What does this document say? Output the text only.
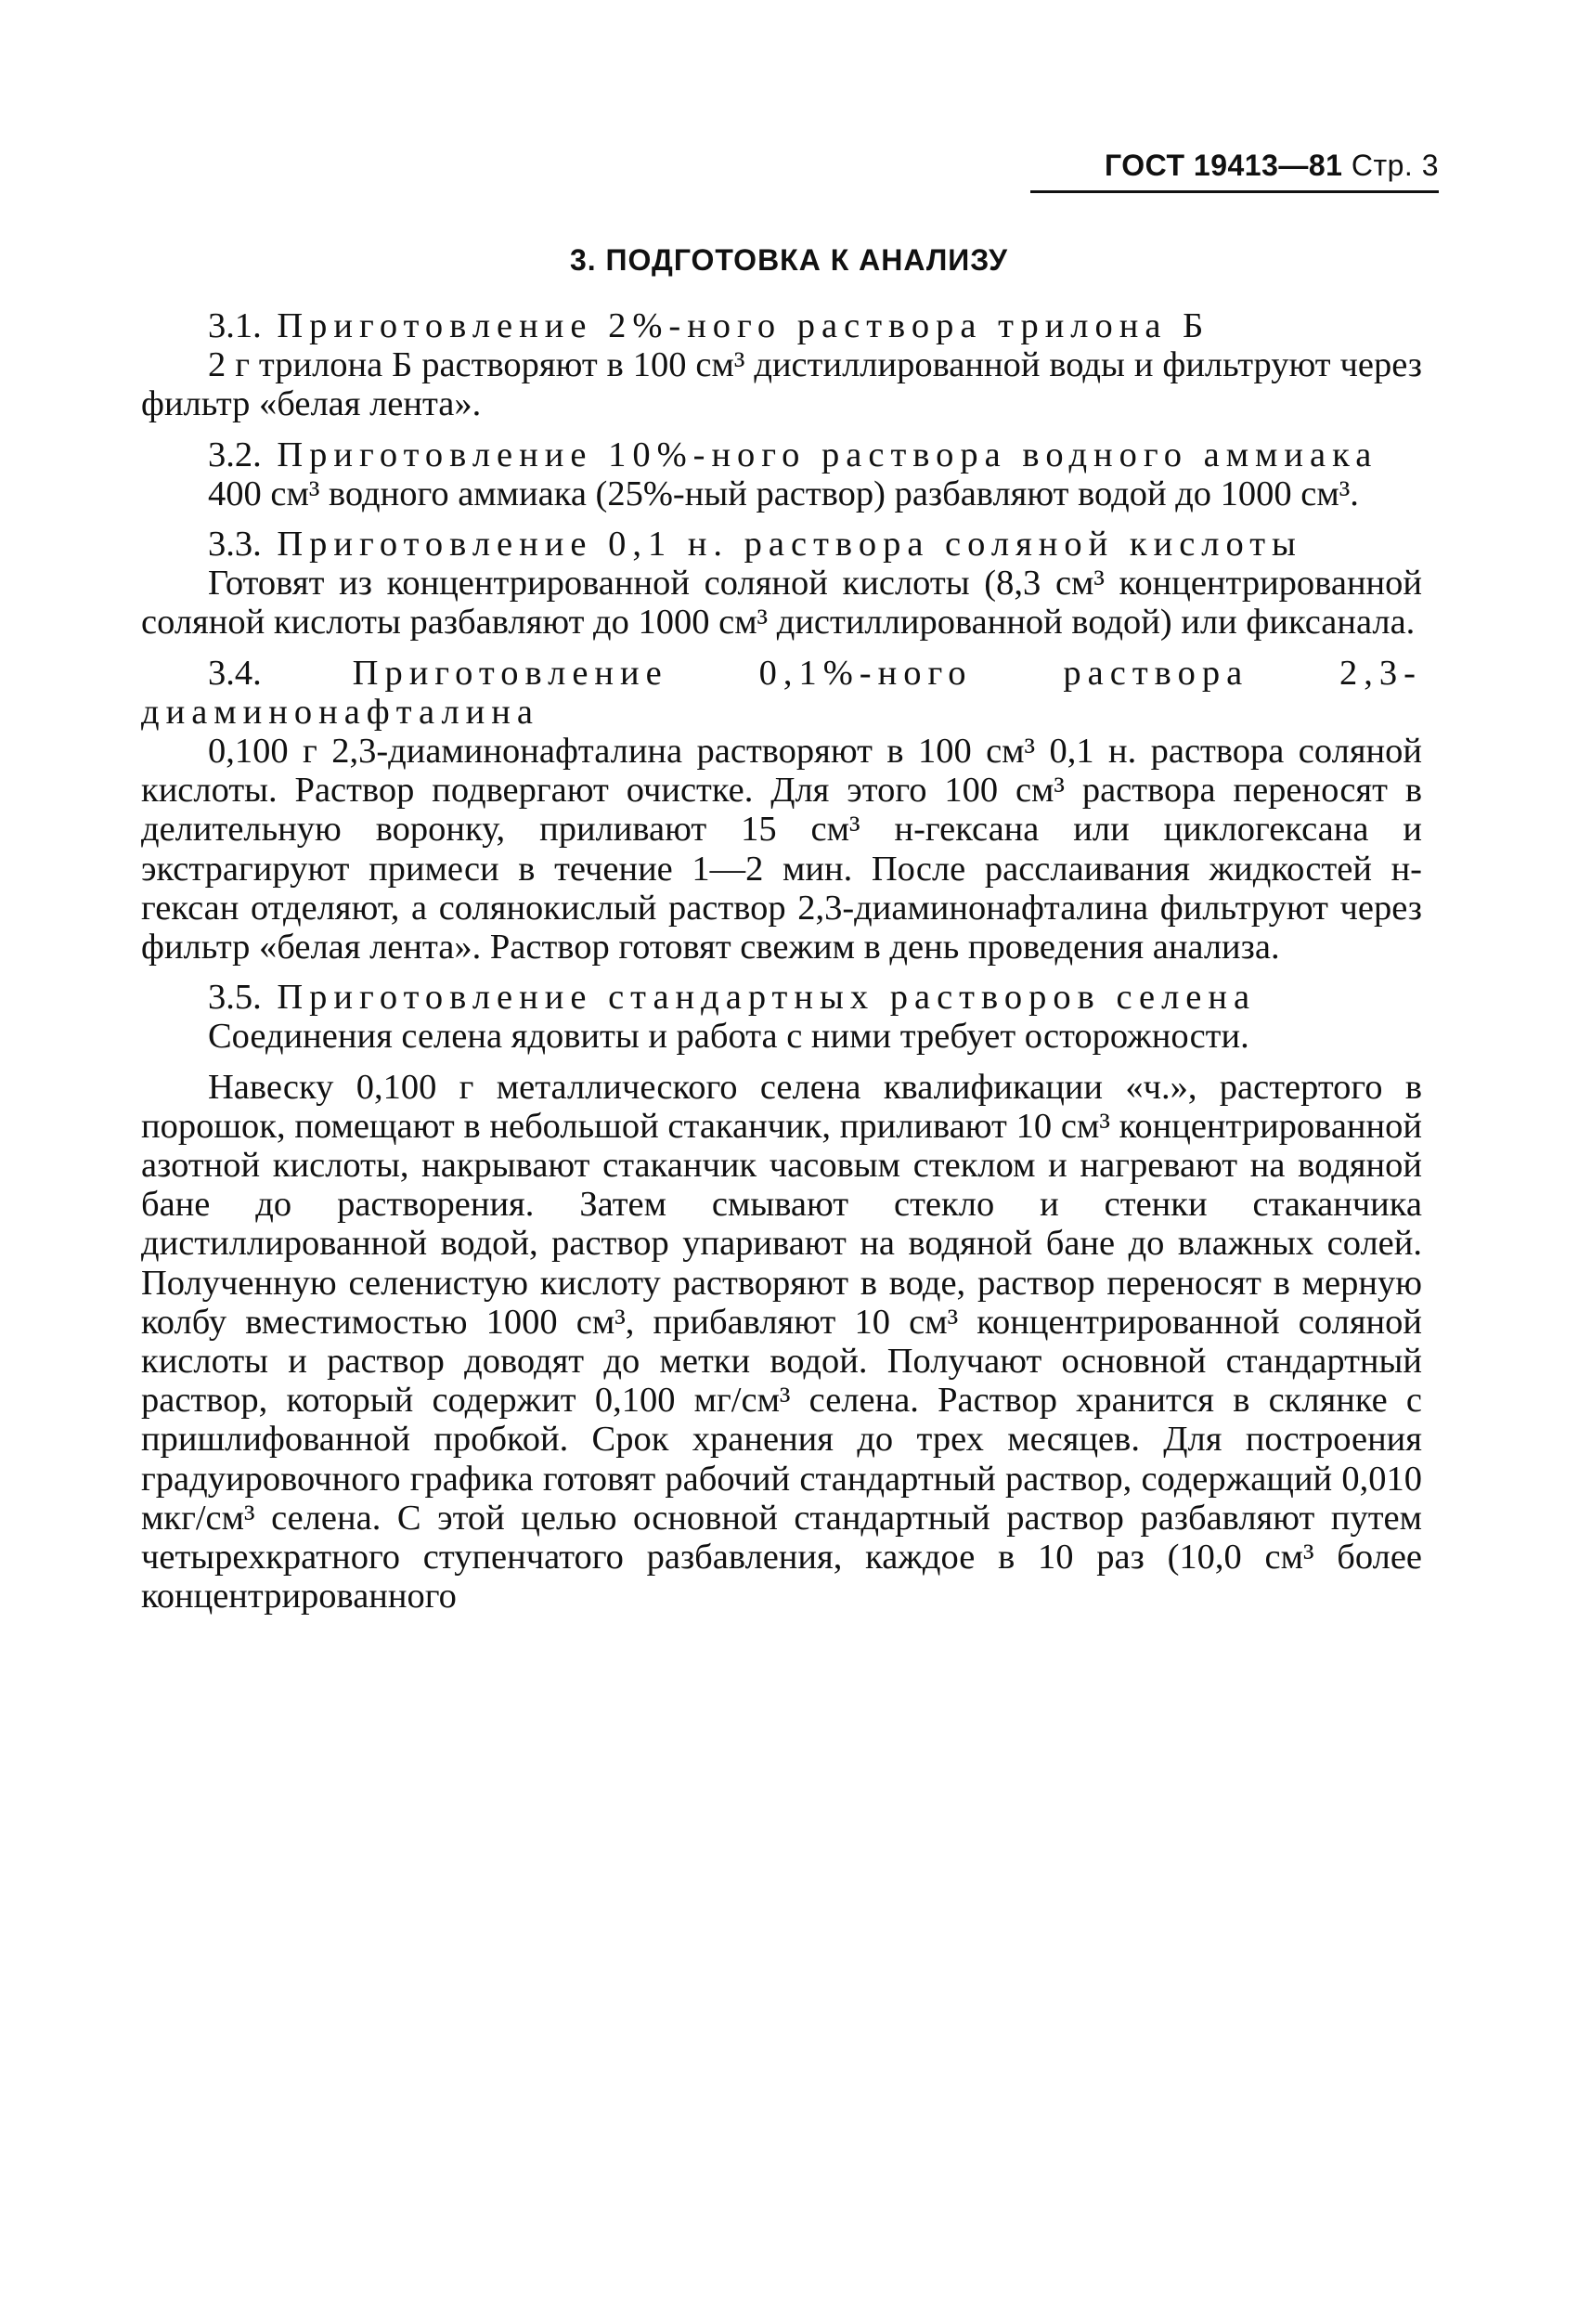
ГОСТ 19413—81 Стр. 3
3. ПОДГОТОВКА К АНАЛИЗУ

3.1. Приготовление 2%-ного раствора трилона Б

2 г трилона Б растворяют в 100 см³ дистиллированной воды и фильтруют через фильтр «белая лента».

3.2. Приготовление 10%-ного раствора водного аммиака

400 см³ водного аммиака (25%-ный раствор) разбавляют водой до 1000 см³.

3.3. Приготовление 0,1 н. раствора соляной кислоты

Готовят из концентрированной соляной кислоты (8,3 см³ концентрированной соляной кислоты разбавляют до 1000 см³ дистиллированной водой) или фиксанала.

3.4.	Приготовление 0,1%-ного раствора 2,3-диаминонафталина

0,100 г 2,3-диаминонафталина растворяют в 100 см³ 0,1 н. раствора соляной кислоты. Раствор подвергают очистке. Для этого 100 см³ раствора переносят в делительную воронку, приливают 15 см³ н-гексана или циклогексана и экстрагируют примеси в течение 1—2 мин. После расслаивания жидкостей н-гексан отделяют, а солянокислый раствор 2,3-диаминонафталина фильтруют через фильтр «белая лента». Раствор готовят свежим в день проведения анализа.

3.5. Приготовление стандартных растворов селена

Соединения селена ядовиты и работа с ними требует осторожности.

Навеску 0,100 г металлического селена квалификации «ч.», растертого в порошок, помещают в небольшой стаканчик, приливают 10 см³ концентрированной азотной кислоты, накрывают стаканчик часовым стеклом и нагревают на водяной бане до растворения. Затем смывают стекло и стенки стаканчика дистиллированной водой, раствор упаривают на водяной бане до влажных солей. Полученную селенистую кислоту растворяют в воде, раствор переносят в мерную колбу вместимостью 1000 см³, прибавляют 10 см³ концентрированной соляной кислоты и раствор доводят до метки водой. Получают основной стандартный раствор, который содержит 0,100 мг/см³ селена. Раствор хранится в склянке с пришлифованной пробкой. Срок хранения до трех месяцев. Для построения градуировочного графика готовят рабочий стандартный раствор, содержащий 0,010 мкг/см³ селена. С этой целью основной стандартный раствор разбавляют путем четырехкратного ступенчатого разбавления, каждое в 10 раз (10,0 см³ более концентрированного
